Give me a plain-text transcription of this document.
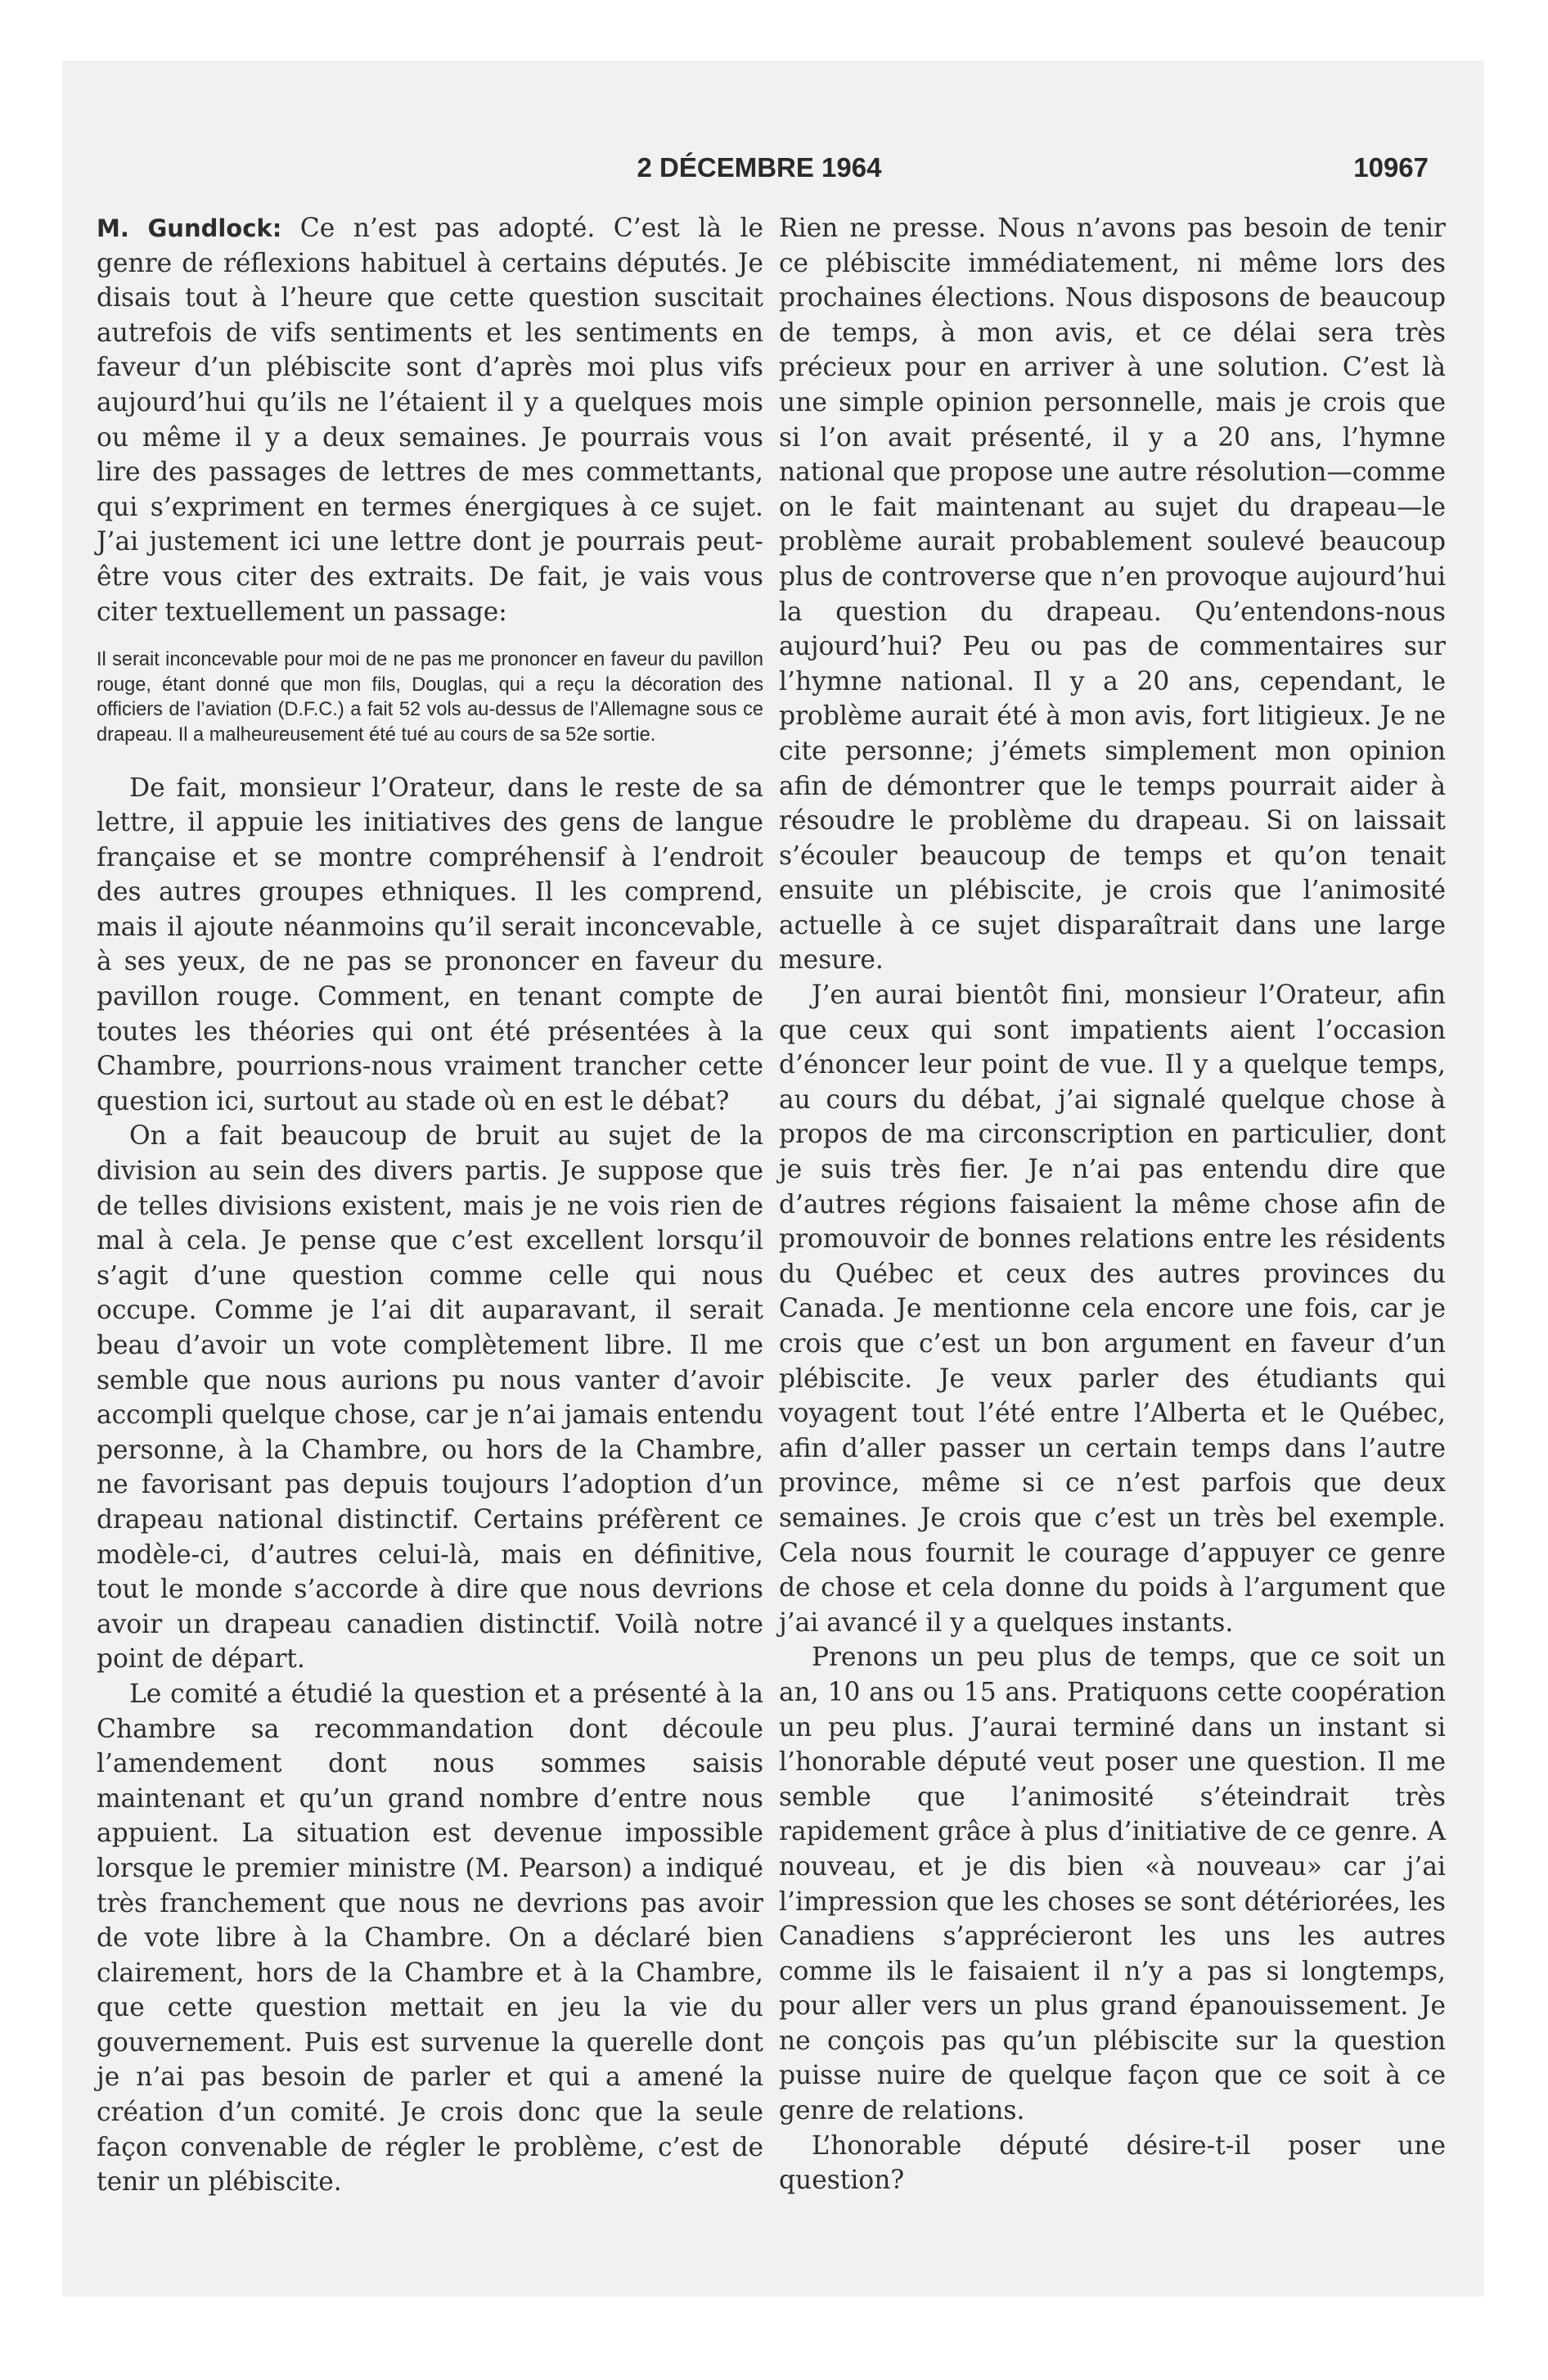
2 DÉCEMBRE 1964	10967

M. Gundlock: Ce n’est pas adopté. C’est là le genre de réflexions habituel à certains députés. Je disais tout à l’heure que cette question suscitait autrefois de vifs sentiments et les sentiments en faveur d’un plébiscite sont d’après moi plus vifs aujourd’hui qu’ils ne l’étaient il y a quelques mois ou même il y a deux semaines. Je pourrais vous lire des passages de lettres de mes commettants, qui s’expriment en termes énergiques à ce sujet. J’ai justement ici une lettre dont je pourrais peut-être vous citer des extraits. De fait, je vais vous citer textuellement un passage:

Il serait inconcevable pour moi de ne pas me prononcer en faveur du pavillon rouge, étant donné que mon fils, Douglas, qui a reçu la décoration des officiers de l’aviation (D.F.C.) a fait 52 vols au-dessus de l’Allemagne sous ce drapeau. Il a malheureusement été tué au cours de sa 52e sortie.

De fait, monsieur l’Orateur, dans le reste de sa lettre, il appuie les initiatives des gens de langue française et se montre compréhensif à l’endroit des autres groupes ethniques. Il les comprend, mais il ajoute néanmoins qu’il serait inconcevable, à ses yeux, de ne pas se prononcer en faveur du pavillon rouge. Comment, en tenant compte de toutes les théories qui ont été présentées à la Chambre, pourrions-nous vraiment trancher cette question ici, surtout au stade où en est le débat?

On a fait beaucoup de bruit au sujet de la division au sein des divers partis. Je suppose que de telles divisions existent, mais je ne vois rien de mal à cela. Je pense que c’est excellent lorsqu’il s’agit d’une question comme celle qui nous occupe. Comme je l’ai dit auparavant, il serait beau d’avoir un vote complètement libre. Il me semble que nous aurions pu nous vanter d’avoir accompli quelque chose, car je n’ai jamais entendu personne, à la Chambre, ou hors de la Chambre, ne favorisant pas depuis toujours l’adoption d’un drapeau national distinctif. Certains préfèrent ce modèle-ci, d’autres celui-là, mais en définitive, tout le monde s’accorde à dire que nous devrions avoir un drapeau canadien distinctif. Voilà notre point de départ.

Le comité a étudié la question et a présenté à la Chambre sa recommandation dont découle l’amendement dont nous sommes saisis maintenant et qu’un grand nombre d’entre nous appuient. La situation est devenue impossible lorsque le premier ministre (M. Pearson) a indiqué très franchement que nous ne devrions pas avoir de vote libre à la Chambre. On a déclaré bien clairement, hors de la Chambre et à la Chambre, que cette question mettait en jeu la vie du gouvernement. Puis est survenue la querelle dont je n’ai pas besoin de parler et qui a amené la création d’un comité. Je crois donc que la seule façon convenable de régler le problème, c’est de tenir un plébiscite.

Rien ne presse. Nous n’avons pas besoin de tenir ce plébiscite immédiatement, ni même lors des prochaines élections. Nous disposons de beaucoup de temps, à mon avis, et ce délai sera très précieux pour en arriver à une solution. C’est là une simple opinion personnelle, mais je crois que si l’on avait présenté, il y a 20 ans, l’hymne national que propose une autre résolution—comme on le fait maintenant au sujet du drapeau—le problème aurait probablement soulevé beaucoup plus de controverse que n’en provoque aujourd’hui la question du drapeau. Qu’entendons-nous aujourd’hui? Peu ou pas de commentaires sur l’hymne national. Il y a 20 ans, cependant, le problème aurait été à mon avis, fort litigieux. Je ne cite personne; j’émets simplement mon opinion afin de démontrer que le temps pourrait aider à résoudre le problème du drapeau. Si on laissait s’écouler beaucoup de temps et qu’on tenait ensuite un plébiscite, je crois que l’animosité actuelle à ce sujet disparaîtrait dans une large mesure.

J’en aurai bientôt fini, monsieur l’Orateur, afin que ceux qui sont impatients aient l’occasion d’énoncer leur point de vue. Il y a quelque temps, au cours du débat, j’ai signalé quelque chose à propos de ma circonscription en particulier, dont je suis très fier. Je n’ai pas entendu dire que d’autres régions faisaient la même chose afin de promouvoir de bonnes relations entre les résidents du Québec et ceux des autres provinces du Canada. Je mentionne cela encore une fois, car je crois que c’est un bon argument en faveur d’un plébiscite. Je veux parler des étudiants qui voyagent tout l’été entre l’Alberta et le Québec, afin d’aller passer un certain temps dans l’autre province, même si ce n’est parfois que deux semaines. Je crois que c’est un très bel exemple. Cela nous fournit le courage d’appuyer ce genre de chose et cela donne du poids à l’argument que j’ai avancé il y a quelques instants.

Prenons un peu plus de temps, que ce soit un an, 10 ans ou 15 ans. Pratiquons cette coopération un peu plus. J’aurai terminé dans un instant si l’honorable député veut poser une question. Il me semble que l’animosité s’éteindrait très rapidement grâce à plus d’initiative de ce genre. A nouveau, et je dis bien «à nouveau» car j’ai l’impression que les choses se sont détériorées, les Canadiens s’apprécieront les uns les autres comme ils le faisaient il n’y a pas si longtemps, pour aller vers un plus grand épanouissement. Je ne conçois pas qu’un plébiscite sur la question puisse nuire de quelque façon que ce soit à ce genre de relations.

L’honorable député désire-t-il poser une question?
